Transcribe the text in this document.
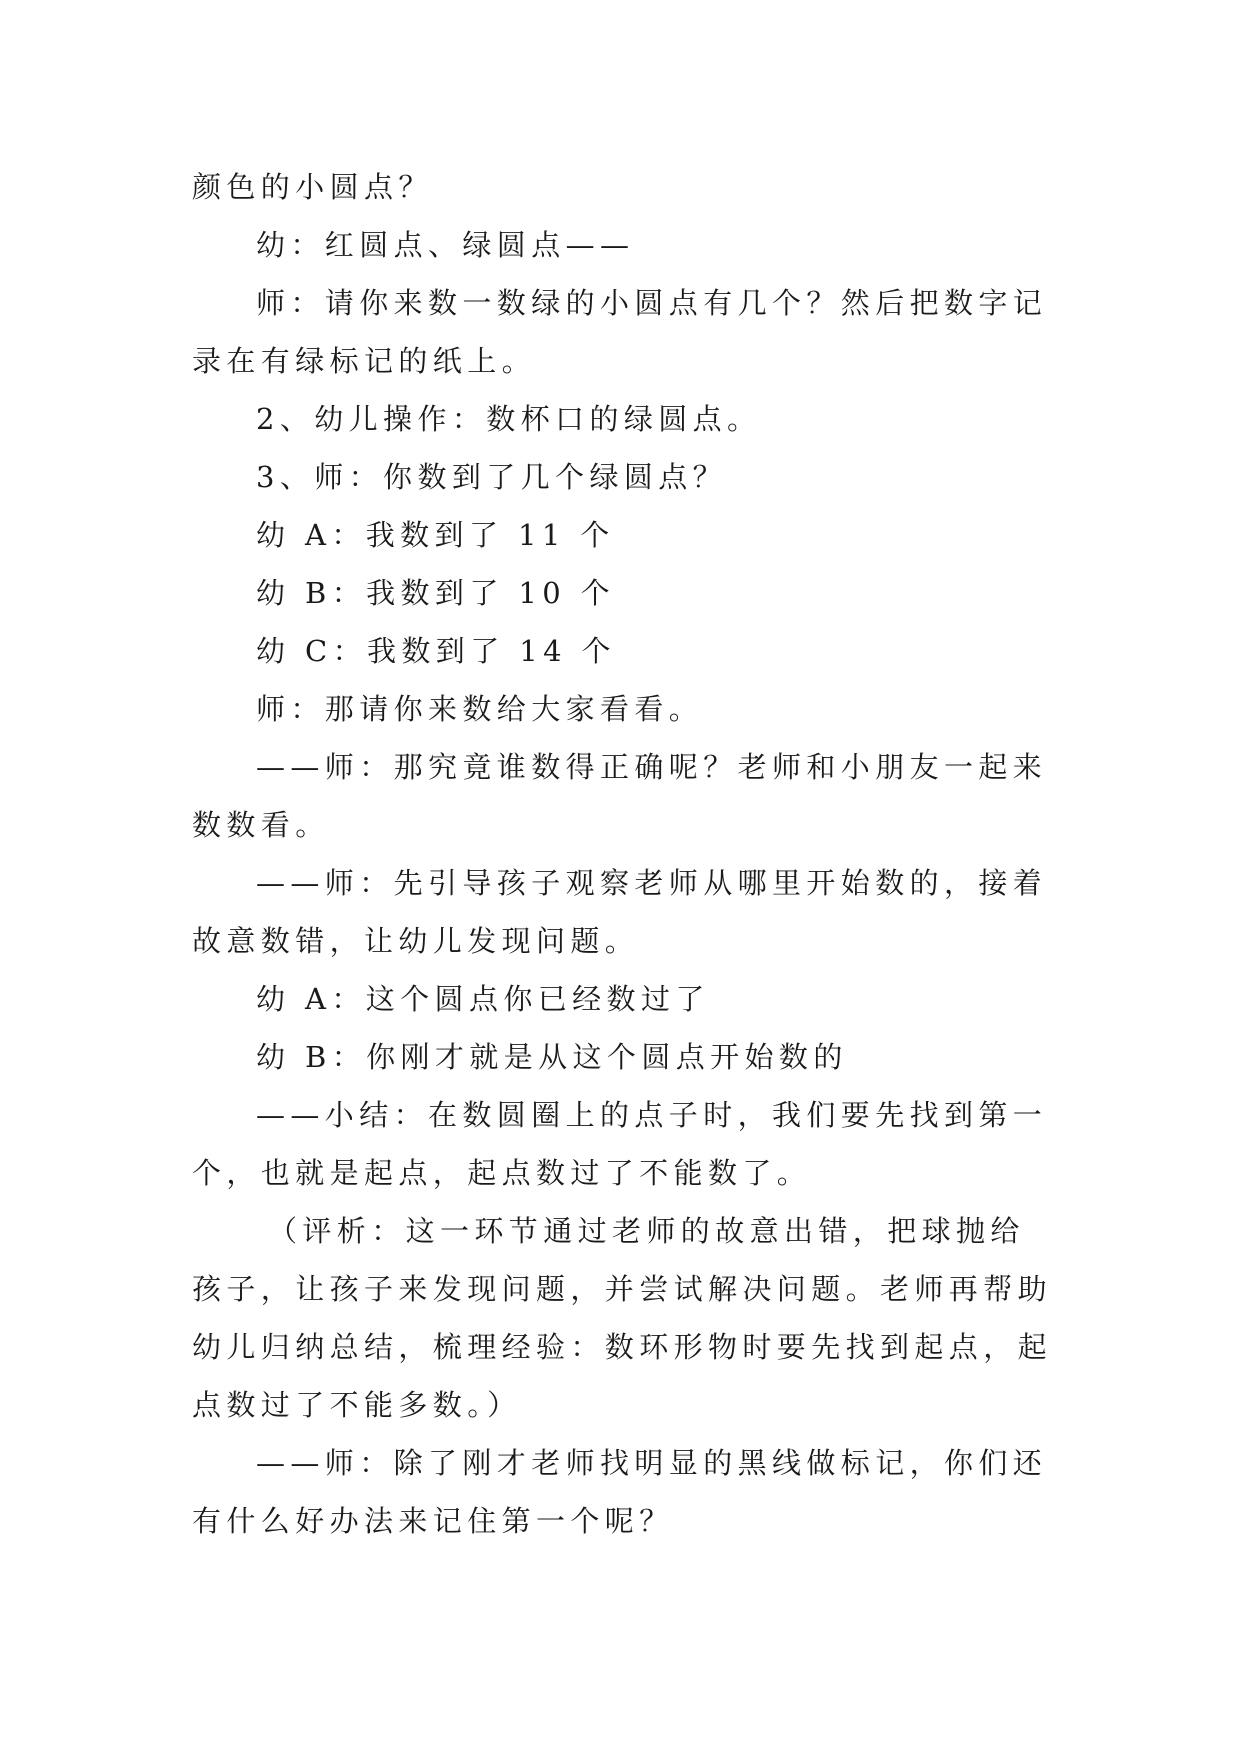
颜色的小圆点？

幼：红圆点、绿圆点——

师：请你来数一数绿的小圆点有几个？然后把数字记录在有绿标记的纸上。

2、幼儿操作：数杯口的绿圆点。

3、师：你数到了几个绿圆点？

幼 A：我数到了 11 个

幼 B：我数到了 10 个

幼 C：我数到了 14 个

师：那请你来数给大家看看。

——师：那究竟谁数得正确呢？老师和小朋友一起来数数看。

——师：先引导孩子观察老师从哪里开始数的，接着故意数错，让幼儿发现问题。

幼 A：这个圆点你已经数过了

幼 B：你刚才就是从这个圆点开始数的

——小结：在数圆圈上的点子时，我们要先找到第一个，也就是起点，起点数过了不能数了。

（评析：这一环节通过老师的故意出错，把球抛给孩子，让孩子来发现问题，并尝试解决问题。老师再帮助幼儿归纳总结，梳理经验：数环形物时要先找到起点，起点数过了不能多数。）

——师：除了刚才老师找明显的黑线做标记，你们还有什么好办法来记住第一个呢？
